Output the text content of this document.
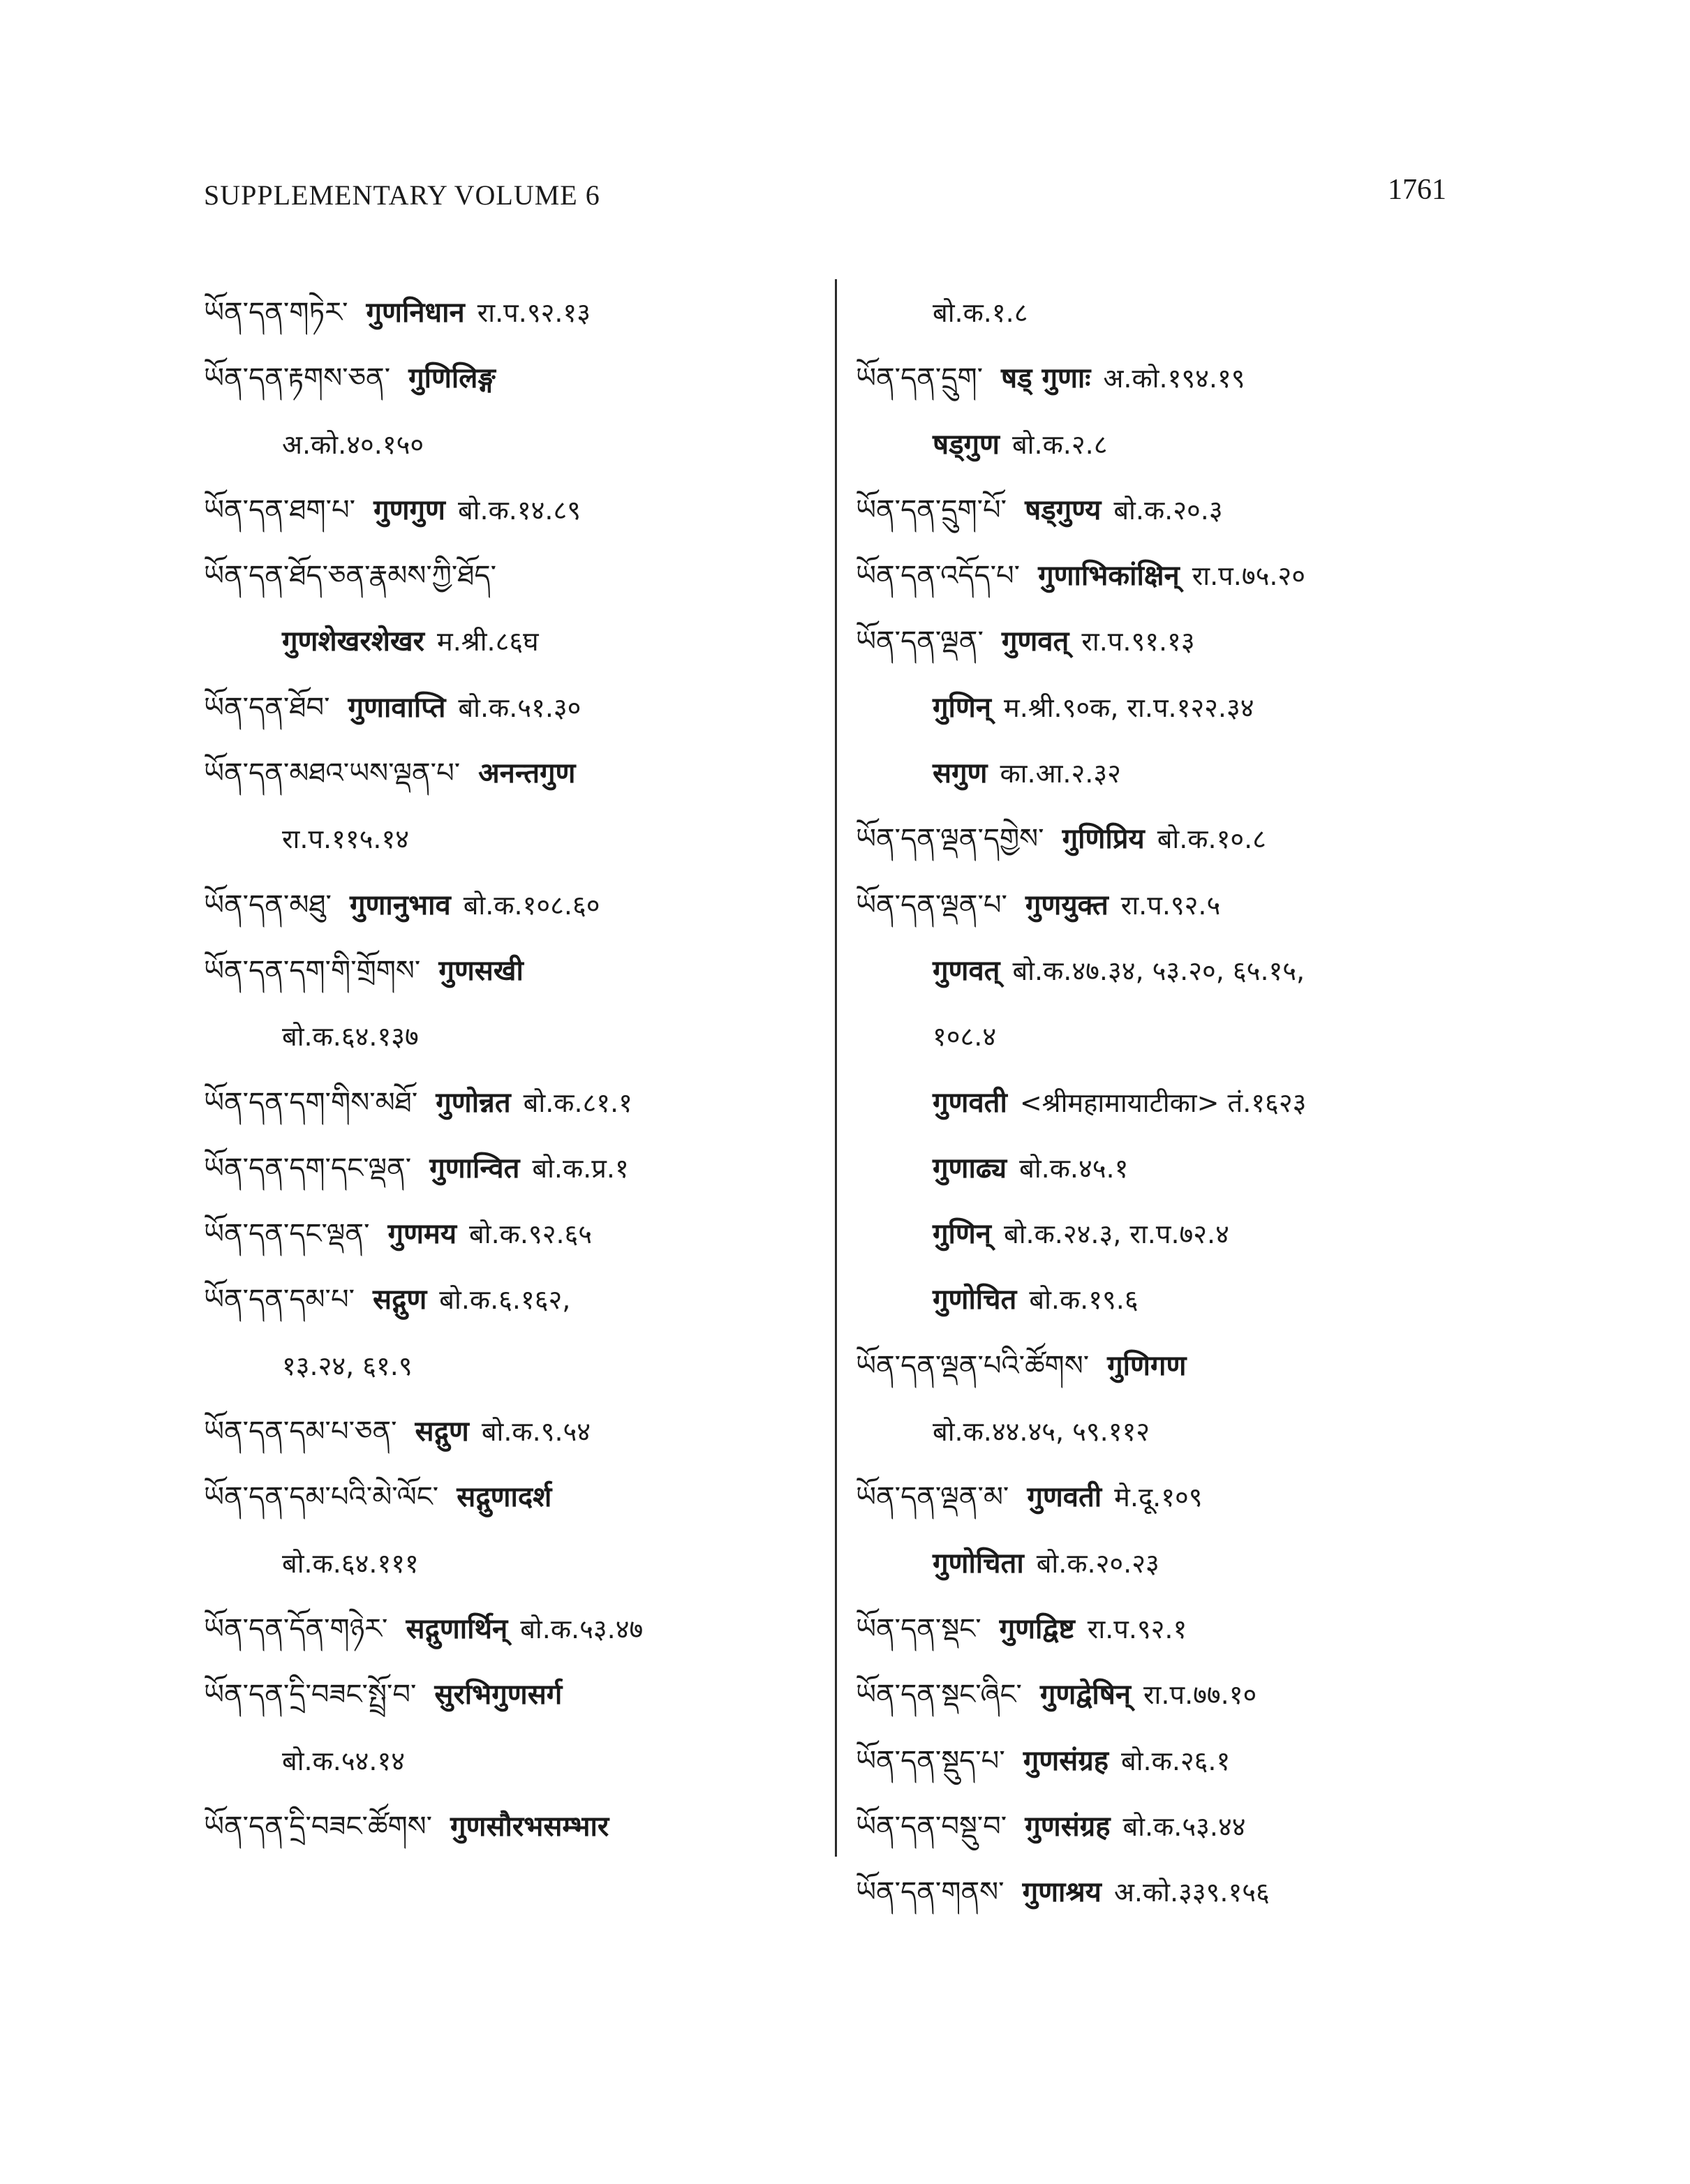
SUPPLEMENTARY VOLUME 6	1761
ཡོན་དན་གཏེར་ गुणनिधान रा.प.९२.१३
ཡོན་དན་རྟགས་ཅན་ गुणिलिङ्ग
अ.को.४०.१५०
ཡོན་དན་ཐག་པ་ गुणगुण बो.क.१४.८९
ཡོན་དན་ཐོད་ཅན་རྣམས་ཀྱི་ཐོད་
गुणशेखरशेखर म.श्री.८६घ
ཡོན་དན་ཐོབ་ गुणावाप्ति बो.क.५१.३०
ཡོན་དན་མཐའ་ཡས་ལྡན་པ་ अनन्तगुण
रा.प.११५.१४
ཡོན་དན་མཐུ་ गुणानुभाव बो.क.१०८.६०
ཡོན་དན་དག་གི་གྲོགས་ गुणसखी
बो.क.६४.१३७
ཡོན་དན་དག་གིས་མཐོ་ गुणोन्नत बो.क.८१.१
ཡོན་དན་དག་དང་ལྡན་ गुणान्वित बो.क.प्र.१
ཡོན་དན་དང་ལྡན་ गुणमय बो.क.९२.६५
ཡོན་དན་དམ་པ་ सद्गुण बो.क.६.१६२,
१३.२४, ६१.९
ཡོན་དན་དམ་པ་ཅན་ सद्गुण बो.क.९.५४
ཡོན་དན་དམ་པའི་མེ་ལོང་ सद्गुणादर्श
बो.क.६४.१११
ཡོན་དན་དོན་གཉེར་ सद्गुणार्थिन् बो.क.५३.४७
ཡོན་དན་དྲི་བཟང་སྤྲོ་བ་ सुरभिगुणसर्ग
बो.क.५४.१४
ཡོན་དན་དྲི་བཟང་ཚོགས་ गुणसौरभसम्भार
बो.क.१.८
ཡོན་དན་དྲུག་ षड् गुणाः अ.को.१९४.१९
षड्गुण बो.क.२.८
ཡོན་དན་དྲུག་པོ་ षड्गुण्य बो.क.२०.३
ཡོན་དན་འདོད་པ་ गुणाभिकांक्षिन् रा.प.७५.२०
ཡོན་དན་ལྡན་ गुणवत् रा.प.९१.१३
गुणिन् म.श्री.९०क, रा.प.१२२.३४
सगुण का.आ.२.३२
ཡོན་དན་ལྡན་དགྱེས་ गुणिप्रिय बो.क.१०.८
ཡོན་དན་ལྡན་པ་ गुणयुक्त रा.प.९२.५
गुणवत् बो.क.४७.३४, ५३.२०, ६५.१५,
१०८.४
गुणवती <श्रीमहामायाटीका> तं.१६२३
गुणाढ्य बो.क.४५.१
गुणिन् बो.क.२४.३, रा.प.७२.४
गुणोचित बो.क.१९.६
ཡོན་དན་ལྡན་པའི་ཚོགས་ गुणिगण
बो.क.४४.४५, ५९.११२
ཡོན་དན་ལྡན་མ་ गुणवती मे.दू.१०९
गुणोचिता बो.क.२०.२३
ཡོན་དན་སྡང་ गुणद्विष्ट रा.प.९२.१
ཡོན་དན་སྡང་ཞིང་ गुणद्वेषिन् रा.प.७७.१०
ཡོན་དན་སྡུད་པ་ गुणसंग्रह बो.क.२६.१
ཡོན་དན་བསྡུ་བ་ गुणसंग्रह बो.क.५३.४४
ཡོན་དན་གནས་ गुणाश्रय अ.को.३३९.१५६
